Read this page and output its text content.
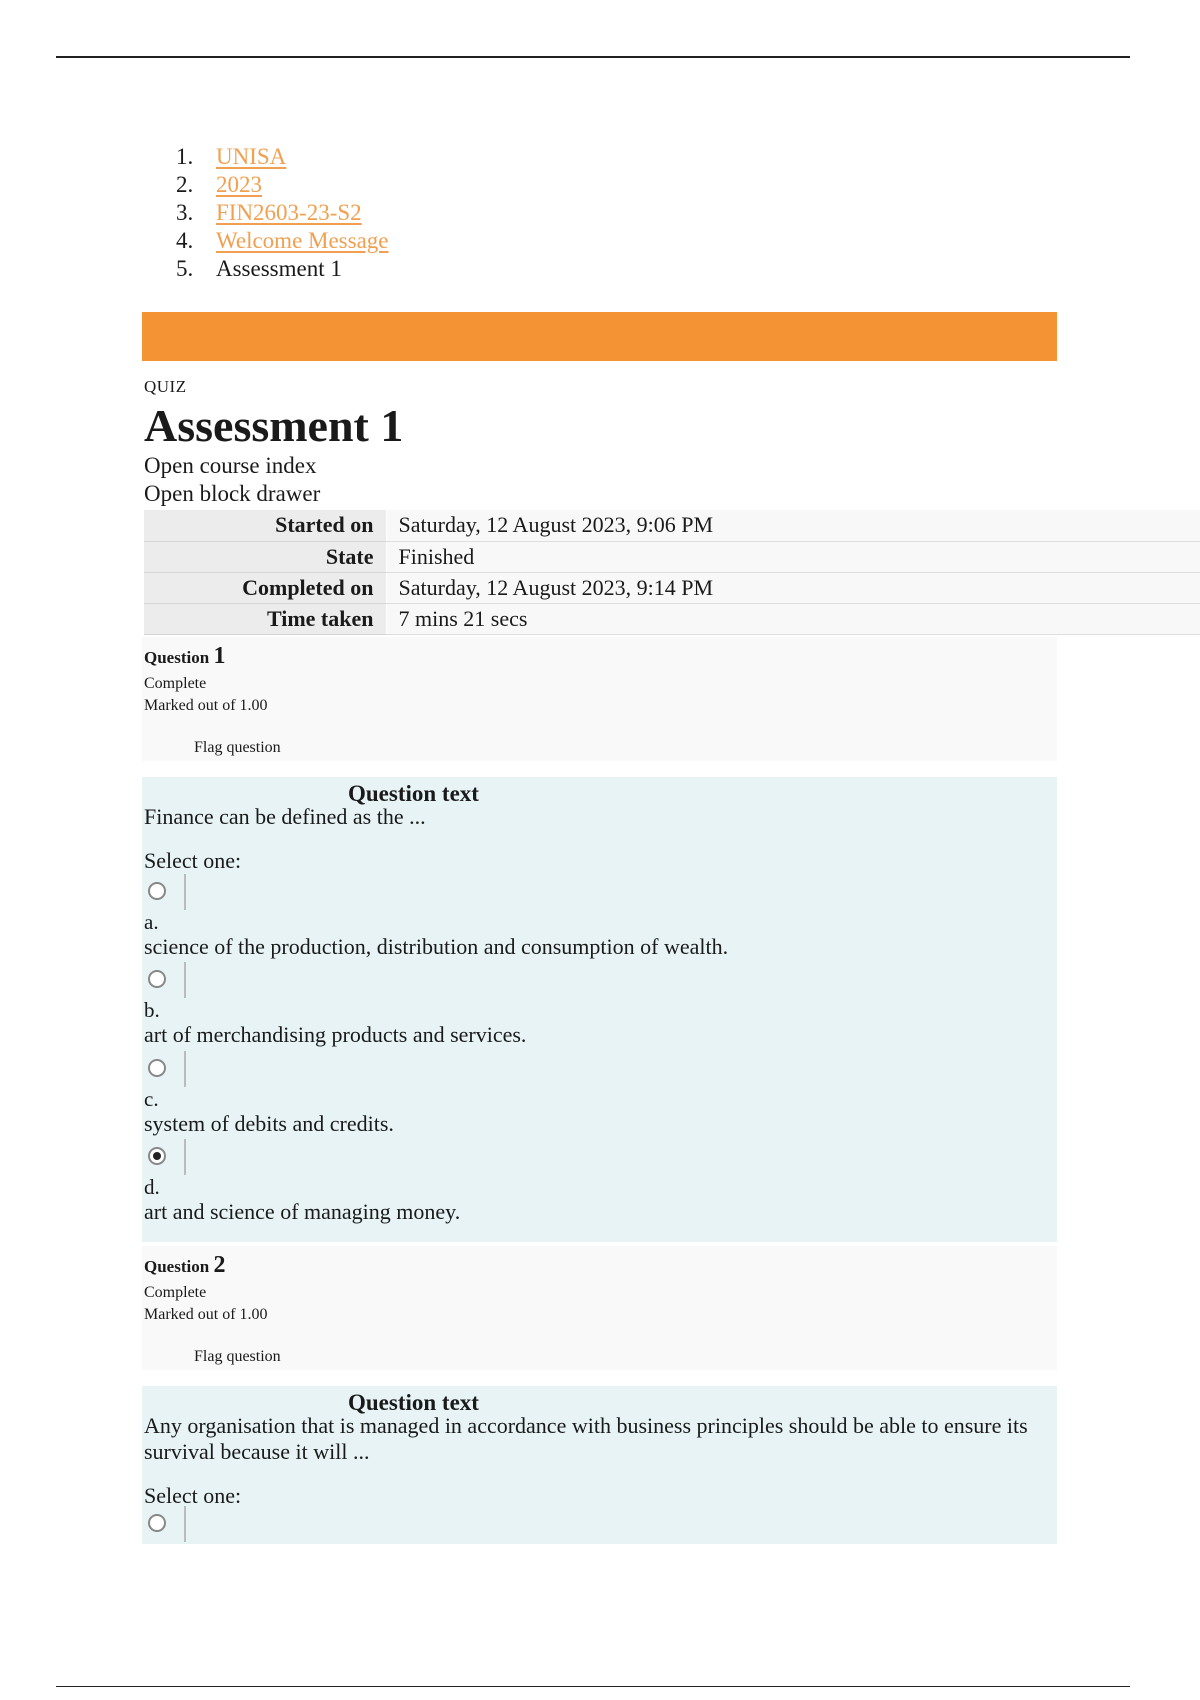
1. UNISA
2. 2023
3. FIN2603-23-S2
4. Welcome Message
5. Assessment 1
QUIZ
Assessment 1
Open course index
Open block drawer
Started on	Saturday, 12 August 2023, 9:06 PM
State	Finished
Completed on	Saturday, 12 August 2023, 9:14 PM
Time taken	7 mins 21 secs
Question 1
Complete
Marked out of 1.00
Flag question
Question text
Finance can be defined as the ...
Select one:
a.
science of the production, distribution and consumption of wealth.
b.
art of merchandising products and services.
c.
system of debits and credits.
d.
art and science of managing money.
Question 2
Complete
Marked out of 1.00
Flag question
Question text
Any organisation that is managed in accordance with business principles should be able to ensure its survival because it will ...
Select one:
